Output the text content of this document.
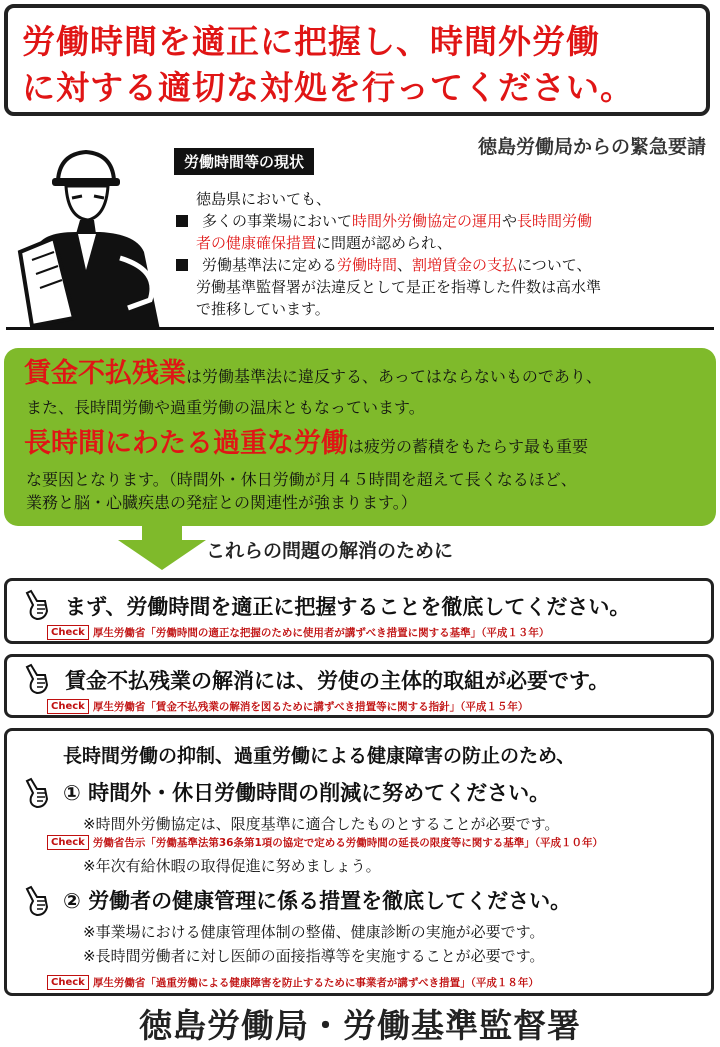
労働時間を適正に把握し、時間外労働
に対する適切な対処を行ってください。
徳島労働局からの緊急要請
労働時間等の現状
徳島県においても、
多くの事業場において時間外労働協定の運用や長時間労働
者の健康確保措置に問題が認められ、
労働基準法に定める労働時間、割増賃金の支払について、
労働基準監督署が法違反として是正を指導した件数は高水準
で推移しています。
賃金不払残業は労働基準法に違反する、あってはならないものであり、
また、長時間労働や過重労働の温床ともなっています。
長時間にわたる過重な労働は疲労の蓄積をもたらす最も重要
な要因となります。（時間外・休日労働が月４５時間を超えて長くなるほど、
業務と脳・心臓疾患の発症との関連性が強まります。）
これらの問題の解消のために
まず、労働時間を適正に把握することを徹底してください。
Check 厚生労働省「労働時間の適正な把握のために使用者が講ずべき措置に関する基準」（平成１３年）
賃金不払残業の解消には、労使の主体的取組が必要です。
Check 厚生労働省「賃金不払残業の解消を図るために講ずべき措置等に関する指針」（平成１５年）
長時間労働の抑制、過重労働による健康障害の防止のため、
① 時間外・休日労働時間の削減に努めてください。
※時間外労働協定は、限度基準に適合したものとすることが必要です。
Check 労働省告示「労働基準法第36条第1項の協定で定める労働時間の延長の限度等に関する基準」（平成１０年）
※年次有給休暇の取得促進に努めましょう。
② 労働者の健康管理に係る措置を徹底してください。
※事業場における健康管理体制の整備、健康診断の実施が必要です。
※長時間労働者に対し医師の面接指導等を実施することが必要です。
Check 厚生労働省「過重労働による健康障害を防止するために事業者が講ずべき措置」（平成１８年）
徳島労働局・労働基準監督署
